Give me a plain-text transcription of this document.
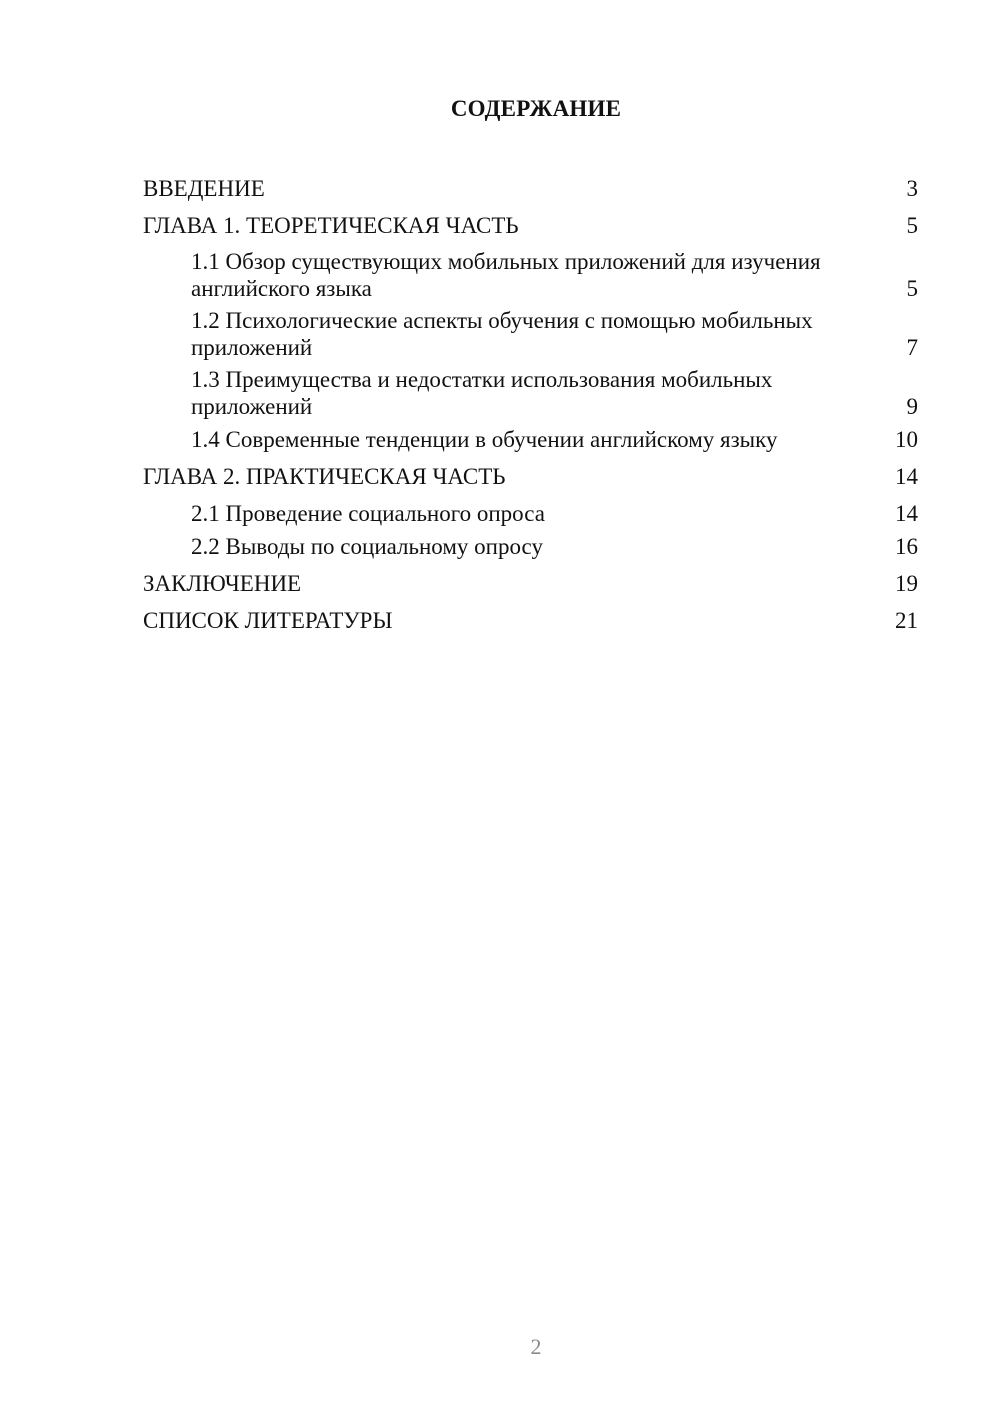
СОДЕРЖАНИЕ
ВВЕДЕНИЕ	3
ГЛАВА 1. ТЕОРЕТИЧЕСКАЯ ЧАСТЬ	5
1.1 Обзор существующих мобильных приложений для изучения английского языка	5
1.2 Психологические аспекты обучения с помощью мобильных приложений	7
1.3 Преимущества и недостатки использования мобильных приложений	9
1.4 Современные тенденции в обучении английскому языку	10
ГЛАВА 2. ПРАКТИЧЕСКАЯ ЧАСТЬ	14
2.1 Проведение социального опроса	14
2.2 Выводы по социальному опросу	16
ЗАКЛЮЧЕНИЕ	19
СПИСОК ЛИТЕРАТУРЫ	21
2
